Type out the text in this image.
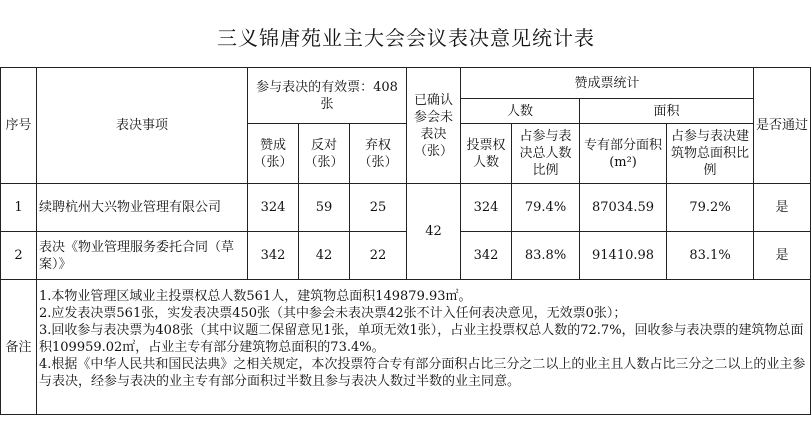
三义锦唐苑业主大会会议表决意见统计表
序号	表决事项	参与表决的有效票：408张			已确认参会未表决（张）	赞成票统计				是否通过
						人数		面积		
		赞成（张）	反对（张）	弃权（张）		投票权人数	占参与表决总人数比例	专有部分面积(m²)	占参与表决建筑物总面积比例	
1	续聘杭州大兴物业管理有限公司	324	59	25	42	324	79.4%	87034.59	79.2%	是
2	表决《物业管理服务委托合同（草案）》	342	42	22		342	83.8%	91410.98	83.1%	是
备注	1.本物业管理区域业主投票权总人数561人，建筑物总面积149879.93㎡。
2.应发表决票561张，实发表决票450张（其中参会未表决票42张不计入任何表决意见，无效票0张）；
3.回收参与表决票为408张（其中议题二保留意见1张，单项无效1张），占业主投票权总人数的72.7%，回收参与表决票的建筑物总面积109959.02㎡，占业主专有部分建筑物总面积的73.4%。
4.根据《中华人民共和国民法典》之相关规定，本次投票符合专有部分面积占比三分之二以上的业主且人数占比三分之二以上的业主参与表决，经参与表决的业主专有部分面积过半数且参与表决人数过半数的业主同意。									
